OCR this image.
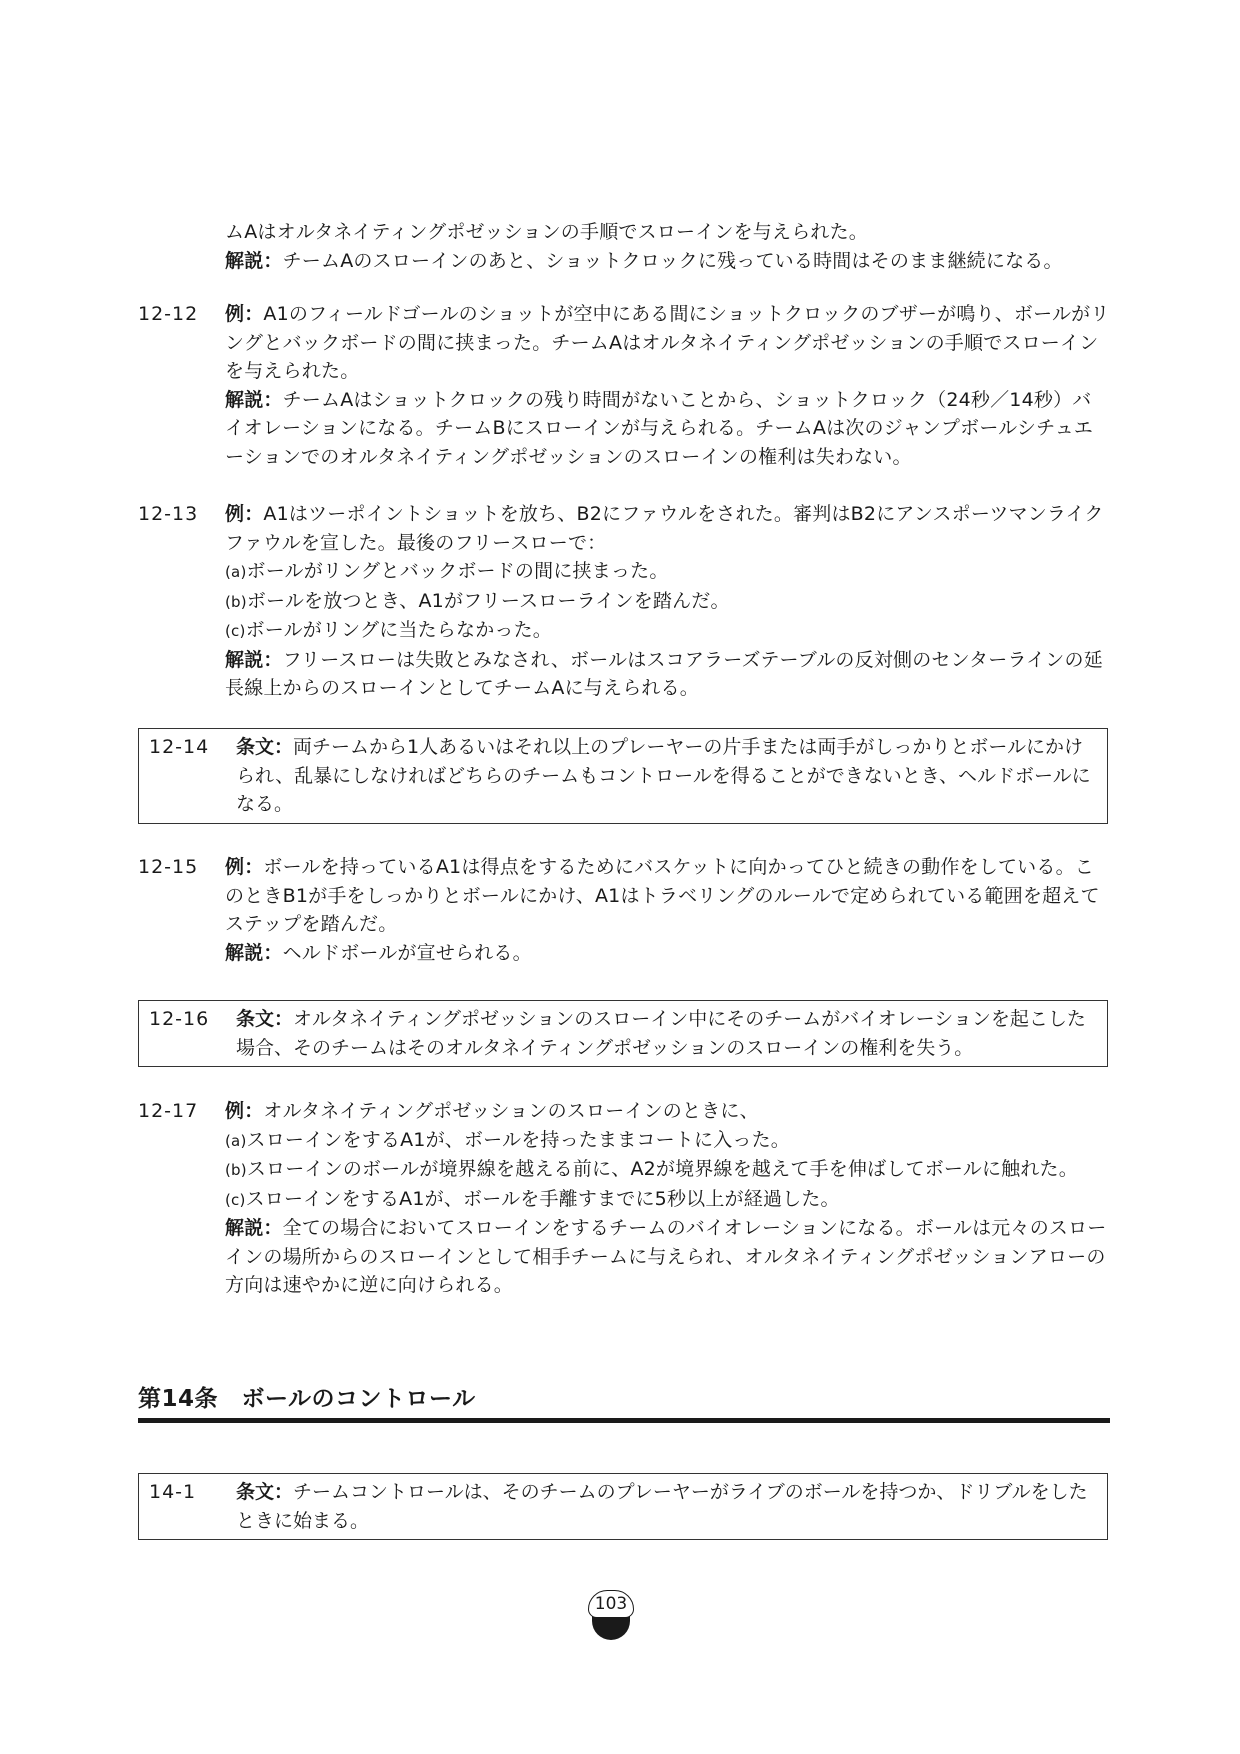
ムAはオルタネイティングポゼッションの手順でスローインを与えられた。

解説：チームAのスローインのあと、ショットクロックに残っている時間はそのまま継続になる。

12-12	例：A1のフィールドゴールのショットが空中にある間にショットクロックのブザーが鳴り、ボールがリングとバックボードの間に挟まった。チームAはオルタネイティングポゼッションの手順でスローインを与えられた。

解説：チームAはショットクロックの残り時間がないことから、ショットクロック（24秒／14秒）バイオレーションになる。チームBにスローインが与えられる。チームAは次のジャンプボールシチュエーションでのオルタネイティングポゼッションのスローインの権利は失わない。

12-13	例：A1はツーポイントショットを放ち、B2にファウルをされた。審判はB2にアンスポーツマンライクファウルを宣した。最後のフリースローで：

(a)ボールがリングとバックボードの間に挟まった。
(b)ボールを放つとき、A1がフリースローラインを踏んだ。
(c)ボールがリングに当たらなかった。

解説：フリースローは失敗とみなされ、ボールはスコアラーズテーブルの反対側のセンターラインの延長線上からのスローインとしてチームAに与えられる。

12-14 条文：両チームから1人あるいはそれ以上のプレーヤーの片手または両手がしっかりとボールにかけられ、乱暴にしなければどちらのチームもコントロールを得ることができないとき、ヘルドボールになる。

12-15	例：ボールを持っているA1は得点をするためにバスケットに向かってひと続きの動作をしている。このときB1が手をしっかりとボールにかけ、A1はトラベリングのルールで定められている範囲を超えてステップを踏んだ。

解説：ヘルドボールが宣せられる。

12-16 条文：オルタネイティングポゼッションのスローイン中にそのチームがバイオレーションを起こした場合、そのチームはそのオルタネイティングポゼッションのスローインの権利を失う。

12-17	例：オルタネイティングポゼッションのスローインのときに、

(a)スローインをするA1が、ボールを持ったままコートに入った。
(b)スローインのボールが境界線を越える前に、A2が境界線を越えて手を伸ばしてボールに触れた。
(c)スローインをするA1が、ボールを手離すまでに5秒以上が経過した。

解説：全ての場合においてスローインをするチームのバイオレーションになる。ボールは元々のスローインの場所からのスローインとして相手チームに与えられ、オルタネイティングポゼッションアローの方向は速やかに逆に向けられる。

第14条　ボールのコントロール
14-1 条文：チームコントロールは、そのチームのプレーヤーがライブのボールを持つか、ドリブルをしたときに始まる。

103
